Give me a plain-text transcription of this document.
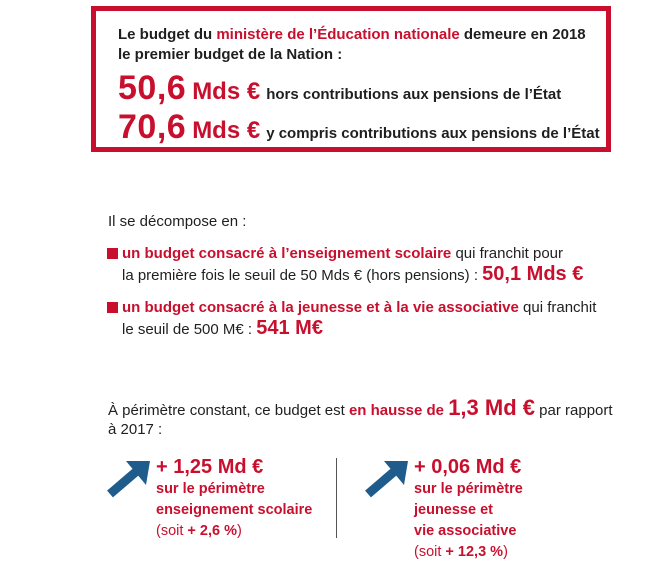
Le budget du ministère de l’Éducation nationale demeure en 2018
le premier budget de la Nation :
50,6 Mds € hors contributions aux pensions de l’État
70,6 Mds € y compris contributions aux pensions de l’État
Il se décompose en :
un budget consacré à l’enseignement scolaire qui franchit pour
la première fois le seuil de 50 Mds € (hors pensions) : 50,1 Mds €
un budget consacré à la jeunesse et à la vie associative qui franchit
le seuil de 500 M€ : 541 M€
À périmètre constant, ce budget est en hausse de 1,3 Md € par rapport
à 2017 :
+ 1,25 Md €
sur le périmètre
enseignement scolaire
(soit + 2,6 %)
+ 0,06 Md €
sur le périmètre
jeunesse et
vie associative
(soit + 12,3 %)
